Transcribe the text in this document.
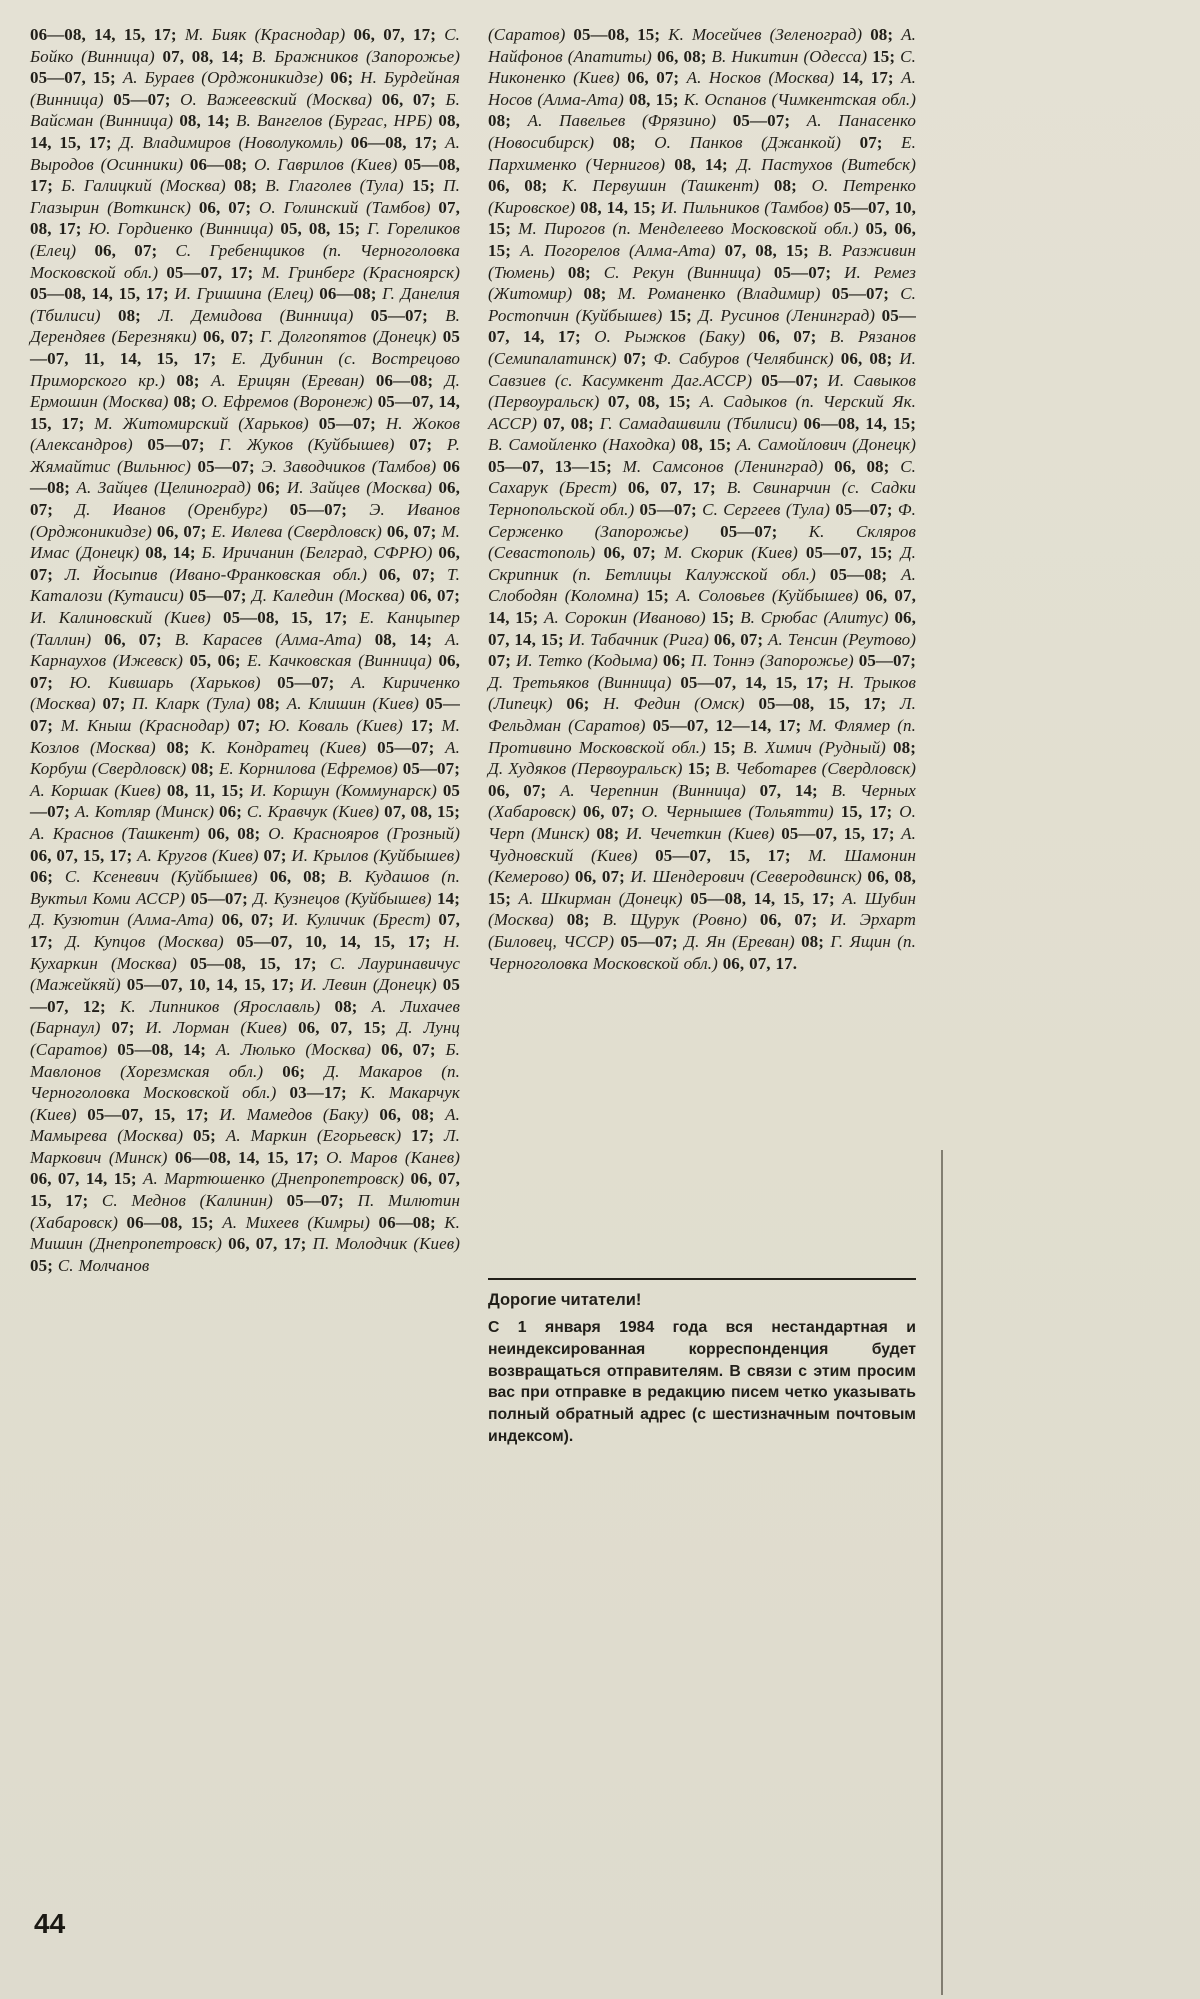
06—08, 14, 15, 17; М. Бияк (Краснодар) 06, 07, 17; С. Бойко (Винница) 07, 08, 14; В. Бражников (Запорожье) 05—07, 15; А. Бураев (Орджоникидзе) 06; Н. Бурдейная (Винница) 05—07; О. Важеевский (Москва) 06, 07; Б. Вайсман (Винница) 08, 14; В. Вангелов (Бургас, НРБ) 08, 14, 15, 17; Д. Владимиров (Новолукомль) 06—08, 17; А. Выродов (Осинники) 06—08; О. Гаврилов (Киев) 05—08, 17; Б. Галицкий (Москва) 08; В. Глаголев (Тула) 15; П. Глазырин (Воткинск) 06, 07; О. Голинский (Тамбов) 07, 08, 17; Ю. Гордиенко (Винница) 05, 08, 15; Г. Гореликов (Елец) 06, 07; С. Гребенщиков (п. Черноголовка Московской обл.) 05—07, 17; М. Гринберг (Красноярск) 05—08, 14, 15, 17; И. Гришина (Елец) 06—08; Г. Данелия (Тбилиси) 08; Л. Демидова (Винница) 05—07; В. Дерендяев (Березняки) 06, 07; Г. Долгопятов (Донецк) 05—07, 11, 14, 15, 17; Е. Дубинин (с. Вострецово Приморского кр.) 08; А. Ерицян (Ереван) 06—08; Д. Ермошин (Москва) 08; О. Ефремов (Воронеж) 05—07, 14, 15, 17; М. Житомирский (Харьков) 05—07; Н. Жоков (Александров) 05—07; Г. Жуков (Куйбышев) 07; Р. Жямайтис (Вильнюс) 05—07; Э. Заводчиков (Тамбов) 06—08; А. Зайцев (Целиноград) 06; И. Зайцев (Москва) 06, 07; Д. Иванов (Оренбург) 05—07; Э. Иванов (Орджоникидзе) 06, 07; Е. Ивлева (Свердловск) 06, 07; М. Имас (Донецк) 08, 14; Б. Иричанин (Белград, СФРЮ) 06, 07; Л. Йосыпив (Ивано-Франковская обл.) 06, 07; Т. Каталози (Кутаиси) 05—07; Д. Каледин (Москва) 06, 07; И. Калиновский (Киев) 05—08, 15, 17; Е. Канцыпер (Таллин) 06, 07; В. Карасев (Алма-Ата) 08, 14; А. Карнаухов (Ижевск) 05, 06; Е. Качковская (Винница) 06, 07; Ю. Кившарь (Харьков) 05—07; А. Кириченко (Москва) 07; П. Кларк (Тула) 08; А. Клишин (Киев) 05—07; М. Кныш (Краснодар) 07; Ю. Коваль (Киев) 17; М. Козлов (Москва) 08; К. Кондратец (Киев) 05—07; А. Корбуш (Свердловск) 08; Е. Корнилова (Ефремов) 05—07; А. Коршак (Киев) 08, 11, 15; И. Коршун (Коммунарск) 05—07; А. Котляр (Минск) 06; С. Кравчук (Киев) 07, 08, 15; А. Краснов (Ташкент) 06, 08; О. Краснояров (Грозный) 06, 07, 15, 17; А. Кругов (Киев) 07; И. Крылов (Куйбышев) 06; С. Ксеневич (Куйбышев) 06, 08; В. Кудашов (п. Вуктыл Коми АССР) 05—07; Д. Кузнецов (Куйбышев) 14; Д. Кузютин (Алма-Ата) 06, 07; И. Куличик (Брест) 07, 17; Д. Купцов (Москва) 05—07, 10, 14, 15, 17; Н. Кухаркин (Москва) 05—08, 15, 17; С. Лауринавичус (Мажейкяй) 05—07, 10, 14, 15, 17; И. Левин (Донецк) 05—07, 12; К. Липников (Ярославль) 08; А. Лихачев (Барнаул) 07; И. Лорман (Киев) 06, 07, 15; Д. Лунц (Саратов) 05—08, 14; А. Люлько (Москва) 06, 07; Б. Мавлонов (Хорезмская обл.) 06; Д. Макаров (п. Черноголовка Московской обл.) 03—17; К. Макарчук (Киев) 05—07, 15, 17; И. Мамедов (Баку) 06, 08; А. Мамырева (Москва) 05; А. Маркин (Егорьевск) 17; Л. Маркович (Минск) 06—08, 14, 15, 17; О. Маров (Канев) 06, 07, 14, 15; А. Мартюшенко (Днепропетровск) 06, 07, 15, 17; С. Меднов (Калинин) 05—07; П. Милютин (Хабаровск) 06—08, 15; А. Михеев (Кимры) 06—08; К. Мишин (Днепропетровск) 06, 07, 17; П. Молодчик (Киев) 05; С. Молчанов
(Саратов) 05—08, 15; К. Мосейчев (Зеленоград) 08; А. Найфонов (Апатиты) 06, 08; В. Никитин (Одесса) 15; С. Никоненко (Киев) 06, 07; А. Носков (Москва) 14, 17; А. Носов (Алма-Ата) 08, 15; К. Оспанов (Чимкентская обл.) 08; А. Павельев (Фрязино) 05—07; А. Панасенко (Новосибирск) 08; О. Панков (Джанкой) 07; Е. Пархименко (Чернигов) 08, 14; Д. Пастухов (Витебск) 06, 08; К. Первушин (Ташкент) 08; О. Петренко (Кировское) 08, 14, 15; И. Пильников (Тамбов) 05—07, 10, 15; М. Пирогов (п. Менделеево Московской обл.) 05, 06, 15; А. Погорелов (Алма-Ата) 07, 08, 15; В. Разживин (Тюмень) 08; С. Рекун (Винница) 05—07; И. Ремез (Житомир) 08; М. Романенко (Владимир) 05—07; С. Ростопчин (Куйбышев) 15; Д. Русинов (Ленинград) 05—07, 14, 17; О. Рыжков (Баку) 06, 07; В. Рязанов (Семипалатинск) 07; Ф. Сабуров (Челябинск) 06, 08; И. Савзиев (с. Касумкент Даг.АССР) 05—07; И. Савыков (Первоуральск) 07, 08, 15; А. Садыков (п. Черский Як. АССР) 07, 08; Г. Самадашвили (Тбилиси) 06—08, 14, 15; В. Самойленко (Находка) 08, 15; А. Самойлович (Донецк) 05—07, 13—15; М. Самсонов (Ленинград) 06, 08; С. Сахарук (Брест) 06, 07, 17; В. Свинарчин (с. Садки Тернопольской обл.) 05—07; С. Сергеев (Тула) 05—07; Ф. Серженко (Запорожье) 05—07; К. Скляров (Севастополь) 06, 07; М. Скорик (Киев) 05—07, 15; Д. Скрипник (п. Бетлицы Калужской обл.) 05—08; А. Слободян (Коломна) 15; А. Соловьев (Куйбышев) 06, 07, 14, 15; А. Сорокин (Иваново) 15; В. Срюбас (Алитус) 06, 07, 14, 15; И. Табачник (Рига) 06, 07; А. Тенсин (Реутово) 07; И. Тетко (Кодыма) 06; П. Тоннэ (Запорожье) 05—07; Д. Третьяков (Винница) 05—07, 14, 15, 17; Н. Трыков (Липецк) 06; Н. Федин (Омск) 05—08, 15, 17; Л. Фельдман (Саратов) 05—07, 12—14, 17; М. Флямер (п. Противино Московской обл.) 15; В. Химич (Рудный) 08; Д. Худяков (Первоуральск) 15; В. Чеботарев (Свердловск) 06, 07; А. Черепнин (Винница) 07, 14; В. Черных (Хабаровск) 06, 07; О. Чернышев (Тольятти) 15, 17; О. Черп (Минск) 08; И. Чечеткин (Киев) 05—07, 15, 17; А. Чудновский (Киев) 05—07, 15, 17; М. Шамонин (Кемерово) 06, 07; И. Шендерович (Северодвинск) 06, 08, 15; А. Шкирман (Донецк) 05—08, 14, 15, 17; А. Шубин (Москва) 08; В. Щурук (Ровно) 06, 07; И. Эрхарт (Биловец, ЧССР) 05—07; Д. Ян (Ереван) 08; Г. Ящин (п. Черноголовка Московской обл.) 06, 07, 17.

Дорогие читатели!

С 1 января 1984 года вся нестандартная и неиндексированная корреспонденция будет возвращаться отправителям. В связи с этим просим вас при отправке в редакцию писем четко указывать полный обратный адрес (с шестизначным почтовым индексом).

44
